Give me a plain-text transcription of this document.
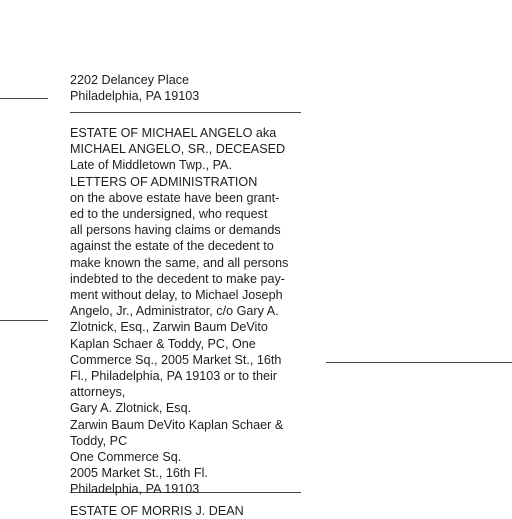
2202 Delancey Place

Philadelphia, PA 19103

ESTATE OF MICHAEL ANGELO aka

MICHAEL ANGELO, SR., DECEASED

Late of Middletown Twp., PA.

LETTERS OF ADMINISTRATION

on the above estate have been grant-

ed to the undersigned, who request

all persons having claims or demands

against the estate of the decedent to

make known the same, and all persons

indebted to the decedent to make pay-

ment without delay, to Michael Joseph

Angelo, Jr., Administrator, c/o Gary A.

Zlotnick, Esq., Zarwin Baum DeVito

Kaplan Schaer & Toddy, PC, One

Commerce Sq., 2005 Market St., 16th

Fl., Philadelphia, PA 19103 or to their

attorneys,

Gary A. Zlotnick, Esq.

Zarwin Baum DeVito Kaplan Schaer &

Toddy, PC

One Commerce Sq.

2005 Market St., 16th Fl.

Philadelphia, PA 19103

ESTATE OF MORRIS J. DEAN
